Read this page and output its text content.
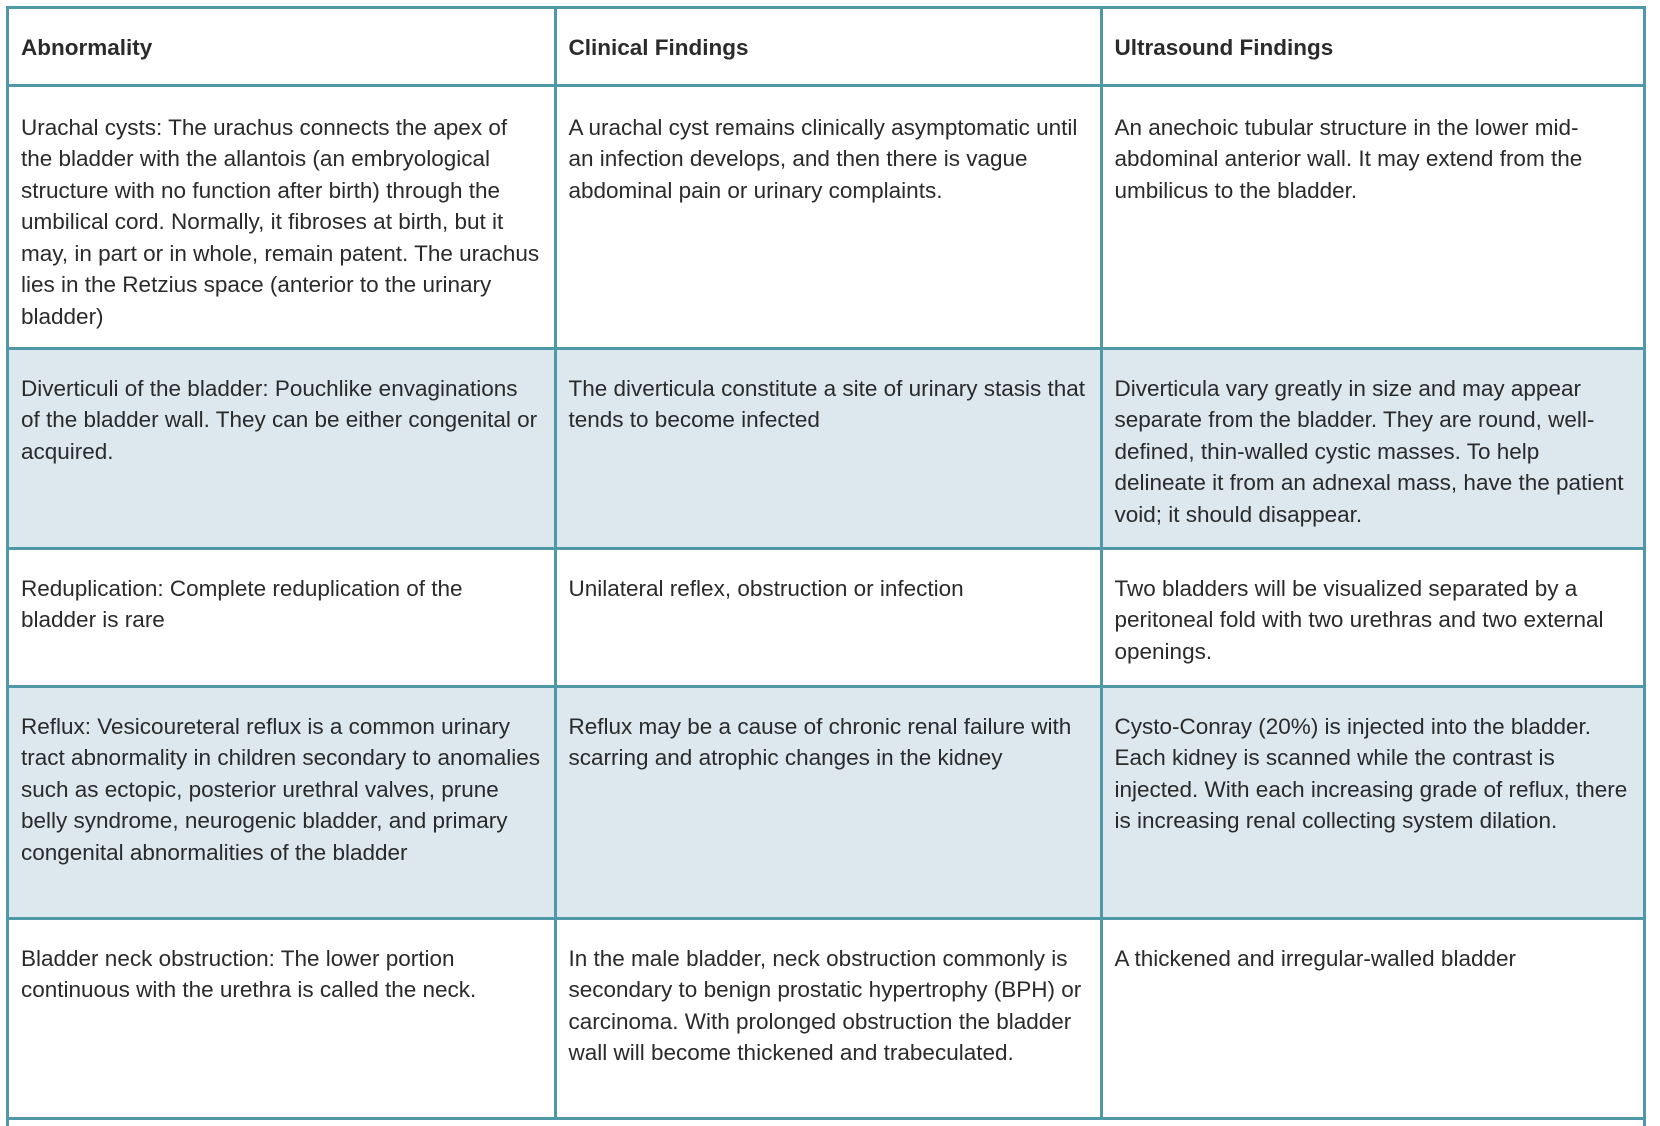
Abnormality	Clinical Findings	Ultrasound Findings
Urachal cysts: The urachus connects the apex of the bladder with the allantois (an embryological structure with no function after birth) through the umbilical cord. Normally, it fibroses at birth, but it may, in part or in whole, remain patent. The urachus lies in the Retzius space (anterior to the urinary bladder)	A urachal cyst remains clinically asymptomatic until an infection develops, and then there is vague abdominal pain or urinary complaints.	An anechoic tubular structure in the lower mid-abdominal anterior wall. It may extend from the umbilicus to the bladder.
Diverticuli of the bladder: Pouchlike envaginations of the bladder wall. They can be either congenital or acquired.	The diverticula constitute a site of urinary stasis that tends to become infected	Diverticula vary greatly in size and may appear separate from the bladder. They are round, well-defined, thin-walled cystic masses. To help delineate it from an adnexal mass, have the patient void; it should disappear.
Reduplication: Complete reduplication of the bladder is rare	Unilateral reflex, obstruction or infection	Two bladders will be visualized separated by a peritoneal fold with two urethras and two external openings.
Reflux: Vesicoureteral reflux is a common urinary tract abnormality in children secondary to anomalies such as ectopic, posterior urethral valves, prune belly syndrome, neurogenic bladder, and primary congenital abnormalities of the bladder	Reflux may be a cause of chronic renal failure with scarring and atrophic changes in the kidney	Cysto-Conray (20%) is injected into the bladder. Each kidney is scanned while the contrast is injected. With each increasing grade of reflux, there is increasing renal collecting system dilation.
Bladder neck obstruction: The lower portion continuous with the urethra is called the neck.	In the male bladder, neck obstruction commonly is secondary to benign prostatic hypertrophy (BPH) or carcinoma. With prolonged obstruction the bladder wall will become thickened and trabeculated.	A thickened and irregular-walled bladder
